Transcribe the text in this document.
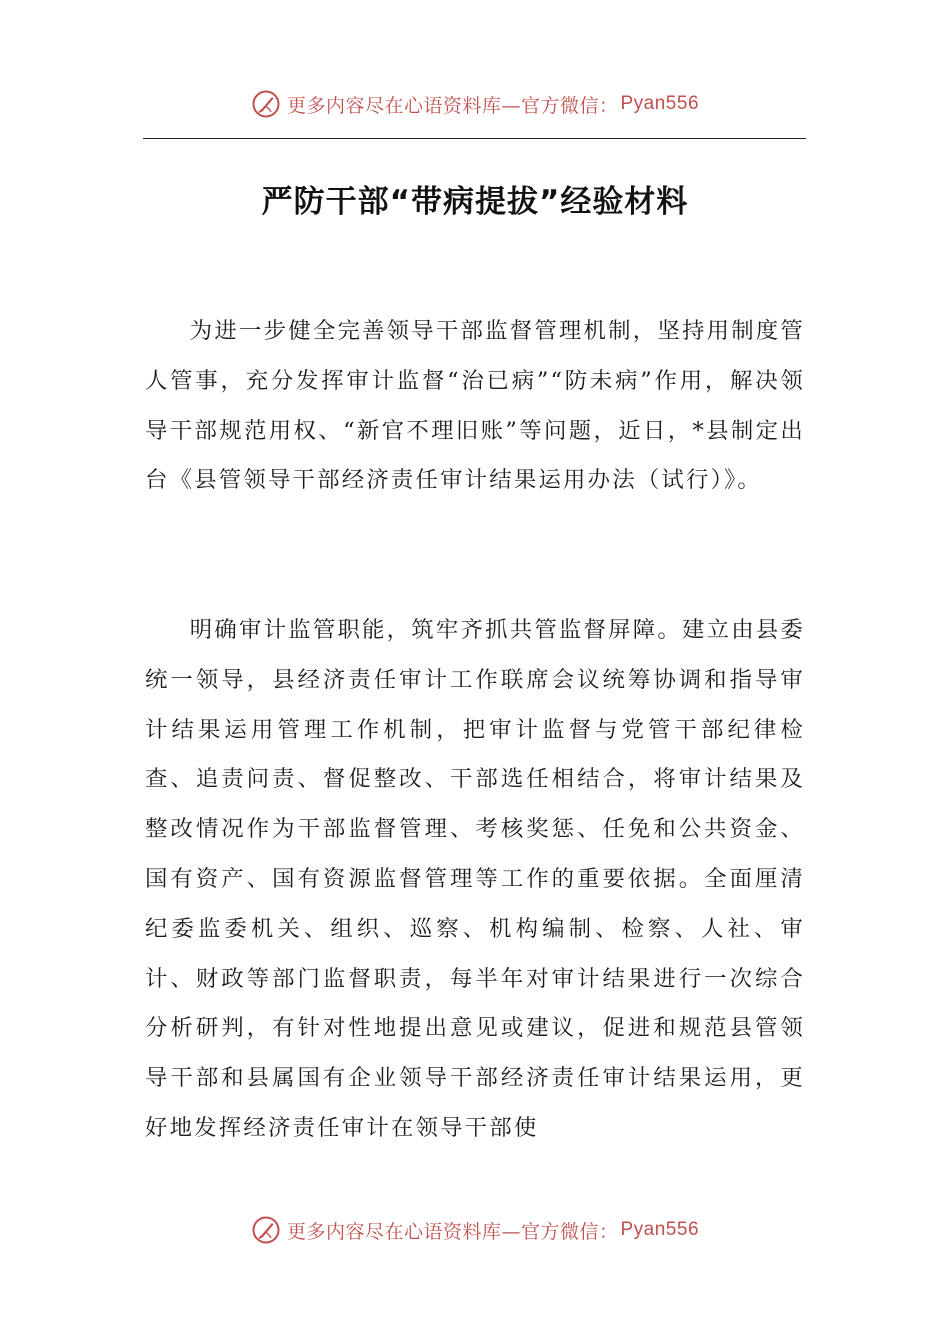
更多内容尽在心语资料库—官方微信： Pyan556
严防干部“带病提拔”经验材料

为进一步健全完善领导干部监督管理机制，坚持用制度管人管事，充分发挥审计监督“治已病”“防未病”作用，解决领导干部规范用权、“新官不理旧账”等问题，近日，*县制定出台《县管领导干部经济责任审计结果运用办法（试行）》。

明确审计监管职能，筑牢齐抓共管监督屏障。建立由县委统一领导，县经济责任审计工作联席会议统筹协调和指导审计结果运用管理工作机制，把审计监督与党管干部纪律检查、追责问责、督促整改、干部选任相结合，将审计结果及整改情况作为干部监督管理、考核奖惩、任免和公共资金、国有资产、国有资源监督管理等工作的重要依据。全面厘清纪委监委机关、组织、巡察、机构编制、检察、人社、审计、财政等部门监督职责，每半年对审计结果进行一次综合分析研判，有针对性地提出意见或建议，促进和规范县管领导干部和县属国有企业领导干部经济责任审计结果运用，更好地发挥经济责任审计在领导干部使

更多内容尽在心语资料库—官方微信： Pyan556
